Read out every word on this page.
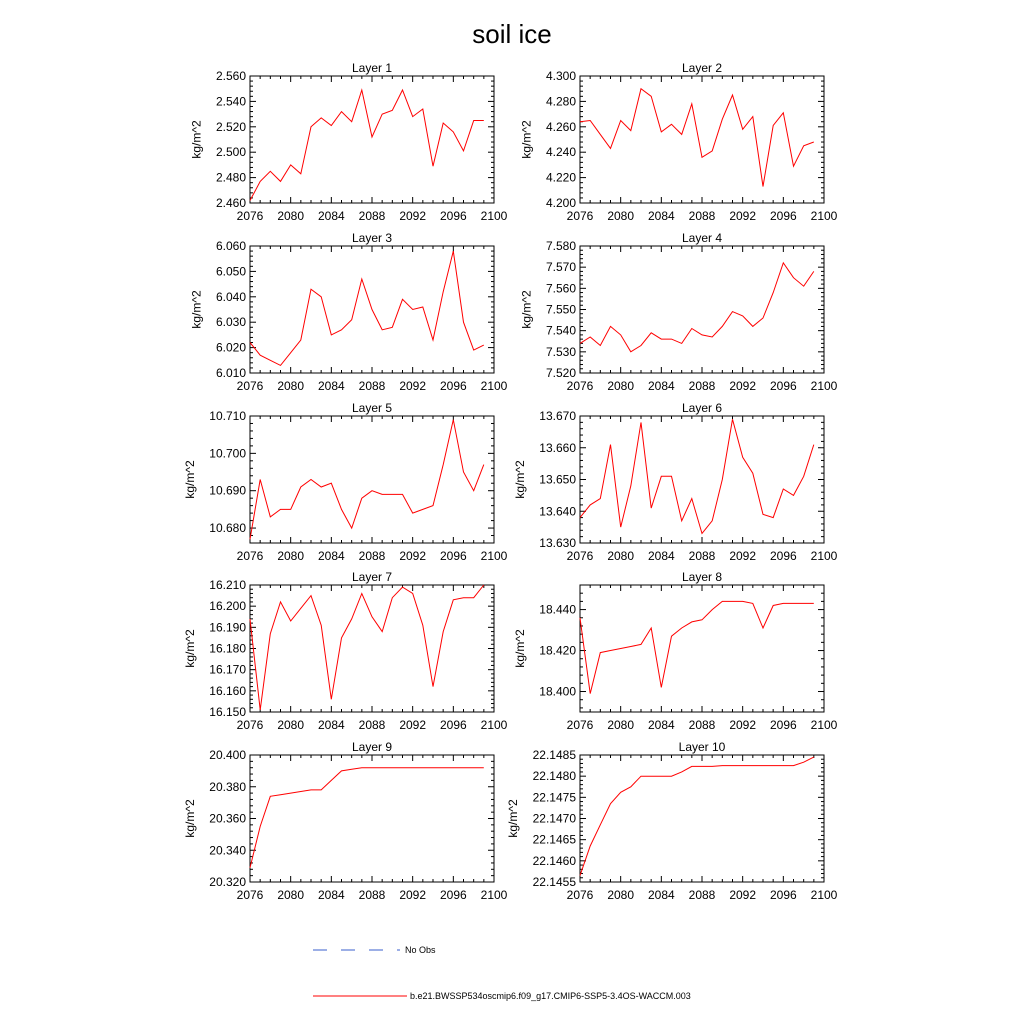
soil ice
2076 2080 2084 2088 2092 2096 2100
2.460
2.480
2.500
2.520
2.540
2.560
Layer 1
kg/m^2
2076 2080 2084 2088 2092 2096 2100
4.200
4.220
4.240
4.260
4.280
4.300
Layer 2
kg/m^2
2076 2080 2084 2088 2092 2096 2100
6.010
6.020
6.030
6.040
6.050
6.060
Layer 3
kg/m^2
2076 2080 2084 2088 2092 2096 2100
7.520
7.530
7.540
7.550
7.560
7.570
7.580
Layer 4
kg/m^2
2076 2080 2084 2088 2092 2096 2100
10.680
10.690
10.700
10.710
Layer 5
kg/m^2
2076 2080 2084 2088 2092 2096 2100
13.630
13.640
13.650
13.660
13.670
Layer 6
kg/m^2
2076 2080 2084 2088 2092 2096 2100
16.150
16.160
16.170
16.180
16.190
16.200
16.210
Layer 7
kg/m^2
2076 2080 2084 2088 2092 2096 2100
18.400
18.420
18.440
Layer 8
kg/m^2
2076 2080 2084 2088 2092 2096 2100
20.320
20.340
20.360
20.380
20.400
Layer 9
kg/m^2
2076 2080 2084 2088 2092 2096 2100
22.1455
22.1460
22.1465
22.1470
22.1475
22.1480
22.1485
Layer 10
kg/m^2
No Obs
b.e21.BWSSP534oscmip6.f09_g17.CMIP6-SSP5-3.4OS-WACCM.003
